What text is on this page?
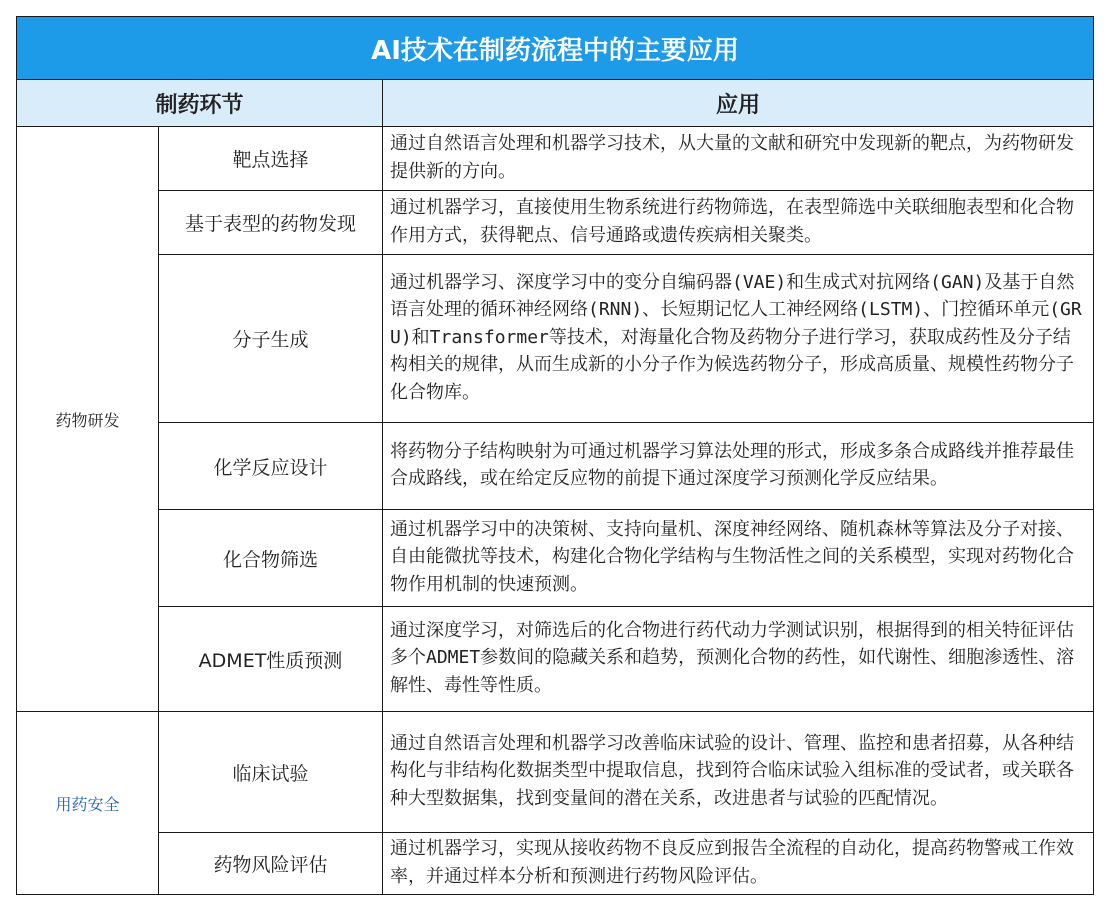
AI技术在制药流程中的主要应用		
制药环节		应用
药物研发	靶点选择	通过自然语言处理和机器学习技术，从大量的文献和研究中发现新的靶点，为药物研发提供新的方向。
	基于表型的药物发现	通过机器学习，直接使用生物系统进行药物筛选，在表型筛选中关联细胞表型和化合物作用方式，获得靶点、信号通路或遗传疾病相关聚类。
	分子生成	通过机器学习、深度学习中的变分自编码器(VAE)和生成式对抗网络(GAN)及基于自然语言处理的循环神经网络(RNN)、长短期记忆人工神经网络(LSTM)、门控循环单元(GRU)和Transformer等技术，对海量化合物及药物分子进行学习，获取成药性及分子结构相关的规律，从而生成新的小分子作为候选药物分子，形成高质量、规模性药物分子化合物库。
	化学反应设计	将药物分子结构映射为可通过机器学习算法处理的形式，形成多条合成路线并推荐最佳合成路线，或在给定反应物的前提下通过深度学习预测化学反应结果。
	化合物筛选	通过机器学习中的决策树、支持向量机、深度神经网络、随机森林等算法及分子对接、自由能微扰等技术，构建化合物化学结构与生物活性之间的关系模型，实现对药物化合物作用机制的快速预测。
	ADMET性质预测	通过深度学习，对筛选后的化合物进行药代动力学测试识别，根据得到的相关特征评估多个ADMET参数间的隐藏关系和趋势，预测化合物的药性，如代谢性、细胞渗透性、溶解性、毒性等性质。
用药安全	临床试验	通过自然语言处理和机器学习改善临床试验的设计、管理、监控和患者招募，从各种结构化与非结构化数据类型中提取信息，找到符合临床试验入组标准的受试者，或关联各种大型数据集，找到变量间的潜在关系，改进患者与试验的匹配情况。
	药物风险评估	通过机器学习，实现从接收药物不良反应到报告全流程的自动化，提高药物警戒工作效率，并通过样本分析和预测进行药物风险评估。
